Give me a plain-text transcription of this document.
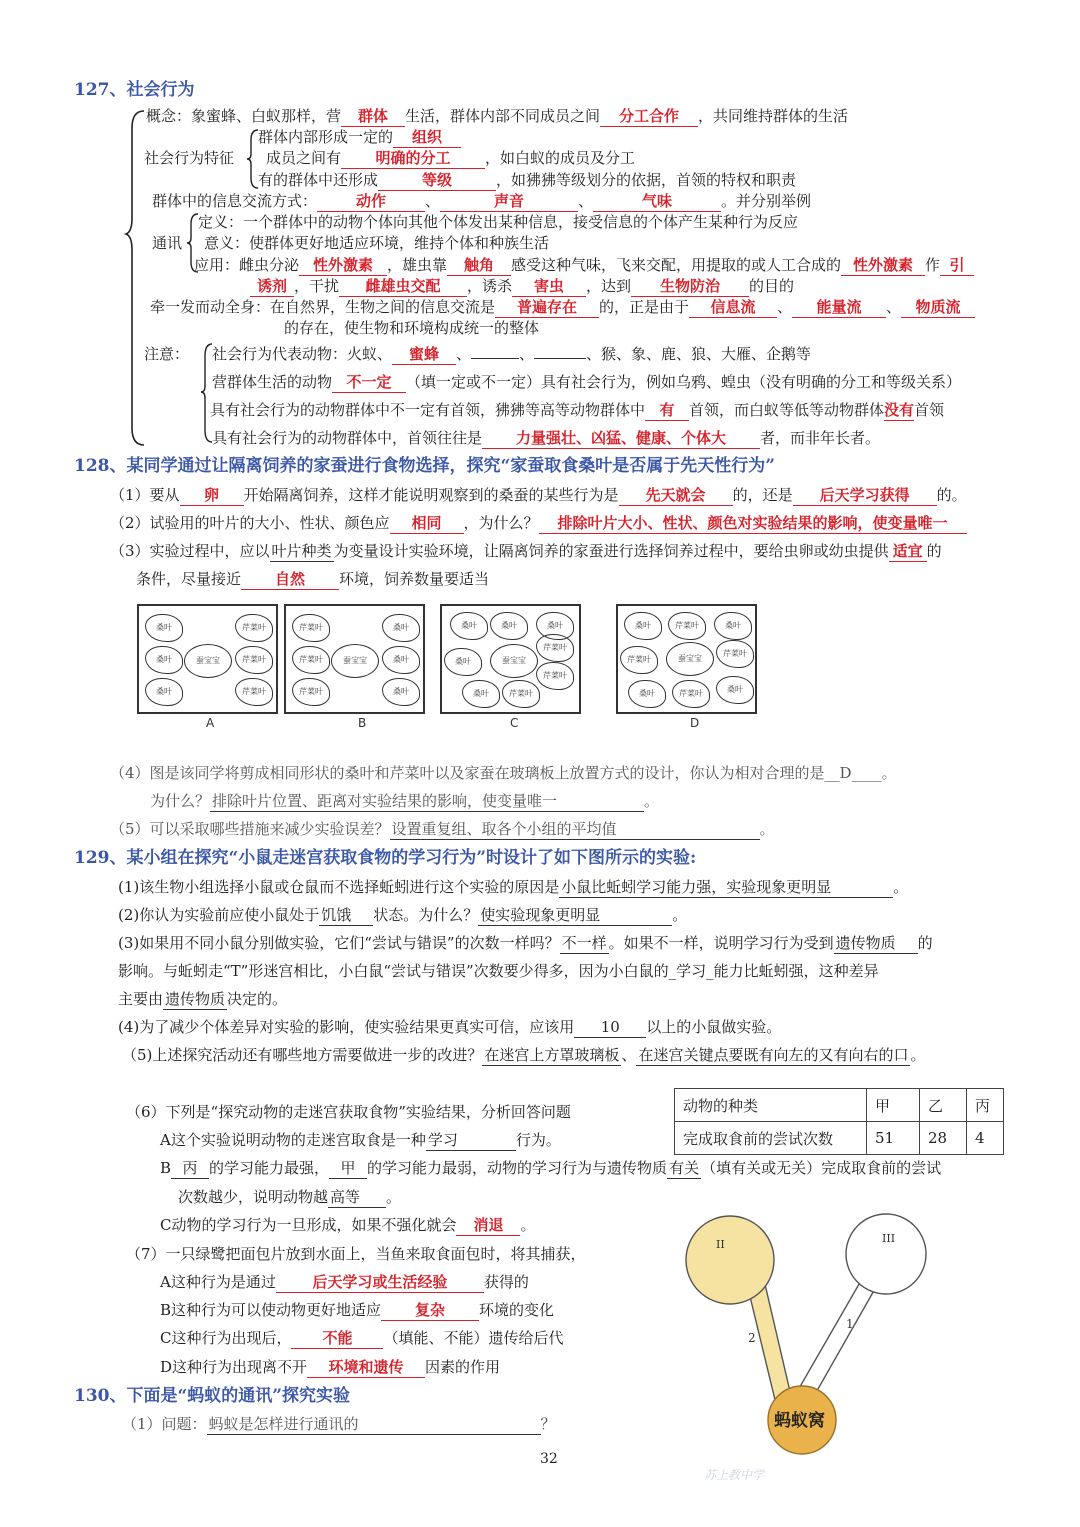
127、社会行为
概念：象蜜蜂、白蚁那样，营 群体 生活，群体内部不同成员之间 分工合作 ，共同维持群体的生活
社会行为特征
群体内部形成一定的 组织
成员之间有 明确的分工 ，如白蚁的成员及分工
有的群体中还形成	等级	，如狒狒等级划分的依据，首领的特权和职责
群体中的信息交流方式：	动作	、	声音	、	气味	。并分别举例
通讯
定义：一个群体中的动物个体向其他个体发出某种信息，接受信息的个体产生某种行为反应
意义：使群体更好地适应环境，维持个体和种族生活
应用：雌虫分泌 性外激素 ，雄虫靠 触角 感受这种气味，飞来交配，用提取的或人工合成的 性外激素 作 引
诱剂 ，干扰 雌雄虫交配 ，诱杀 害虫 ，达到 生物防治 的目的
牵一发而动全身：在自然界，生物之间的信息交流是 普遍存在 的，正是由于 信息流 、 能量流 、 物质流
的存在，使生物和环境构成统一的整体
注意： 社会行为代表动物：火蚁、 蜜蜂 、	、	、猴、象、鹿、狼、大雁、企鹅等
营群体生活的动物 不一定 （填一定或不一定）具有社会行为，例如乌鸦、蝗虫（没有明确的分工和等级关系）
具有社会行为的动物群体中不一定有首领，狒狒等高等动物群体中 有 首领，而白蚁等低等动物群体没有首领
具有社会行为的动物群体中，首领往往是 力量强壮、凶猛、健康、个体大 者，而非年长者。
128、某同学通过让隔离饲养的家蚕进行食物选择，探究“家蚕取食桑叶是否属于先天性行为”
（1）要从 卵 开始隔离饲养，这样才能说明观察到的桑蚕的某些行为是 先天就会 的，还是 后天学习获得 的。
（2）试验用的叶片的大小、性状、颜色应 相同 ，为什么？ 排除叶片大小、性状、颜色对实验结果的影响，使变量唯一
（3）实验过程中，应以 叶片种类 为变量设计实验环境，让隔离饲养的家蚕进行选择饲养过程中，要给虫卵或幼虫提供 适宜 的
条件，尽量接近 自然 环境，饲养数量要适当
桑叶	芹菜叶
桑叶	芹菜叶
桑叶	芹菜叶
蚕宝宝
芹菜叶	桑叶
芹菜叶	桑叶
芹菜叶	桑叶
蚕宝宝
桑叶	桑叶	桑叶
桑叶
芹菜叶
芹菜叶
桑叶	芹菜叶
蚕宝宝
桑叶	芹菜叶	桑叶
芹菜叶
芹菜叶
桑叶	芹菜叶	桑叶
蚕宝宝
A	B	C	D
（4）图是该同学将剪成相同形状的桑叶和芹菜叶以及家蚕在玻璃板上放置方式的设计，你认为相对合理的是__D____。
为什么？ 排除叶片位置、距离对实验结果的影响，使变量唯一	。
（5）可以采取哪些措施来减少实验误差？ 设置重复组、取各个小组的平均值	。
129、某小组在探究“小鼠走迷宫获取食物的学习行为”时设计了如下图所示的实验:
(1)该生物小组选择小鼠或仓鼠而不选择蚯蚓进行这个实验的原因是 小鼠比蚯蚓学习能力强，实验现象更明显	。
(2)你认为实验前应使小鼠处于 饥饿 状态。为什么？ 使实验现象更明显	。
(3)如果用不同小鼠分别做实验，它们“尝试与错误”的次数一样吗？ 不一样 。如果不一样，说明学习行为受到 遗传物质 的
影响。与蚯蚓走“T”形迷宫相比，小白鼠“尝试与错误”次数要少得多，因为小白鼠的_学习_能力比蚯蚓强，这种差异
主要由 遗传物质 决定的。
(4)为了减少个体差异对实验的影响，使实验结果更真实可信，应该用 10 以上的小鼠做实验。
（5)上述探究活动还有哪些地方需要做进一步的改进？ 在迷宫上方罩玻璃板 、 在迷宫关键点要既有向左的又有向右的口 。
（6）下列是“探究动物的走迷宫获取食物”实验结果，分析回答问题	动物的种类	甲	乙	丙
完成取食前的尝试次数	51	28	4
A这个实验说明动物的走迷宫取食是一种 学习	行为。
B 丙 的学习能力最强， 甲 的学习能力最弱，动物的学习行为与遗传物质 有关 （填有关或无关）完成取食前的尝试
次数越少，说明动物越 高等 。
C动物的学习行为一旦形成，如果不强化就会 消退 。
（7）一只绿鹭把面包片放到水面上，当鱼来取食面包时，将其捕获，
A这种行为是通过 后天学习或生活经验 获得的
B这种行为可以使动物更好地适应 复杂 环境的变化
C这种行为出现后， 不能 （填能、不能）遗传给后代
D这种行为出现离不开 环境和遗传 因素的作用
130、下面是“蚂蚁的通讯”探究实验
（1）问题： 蚂蚁是怎样进行通讯的	？
2
1
II	III
蚂蚁窝
32
苏上教中学
